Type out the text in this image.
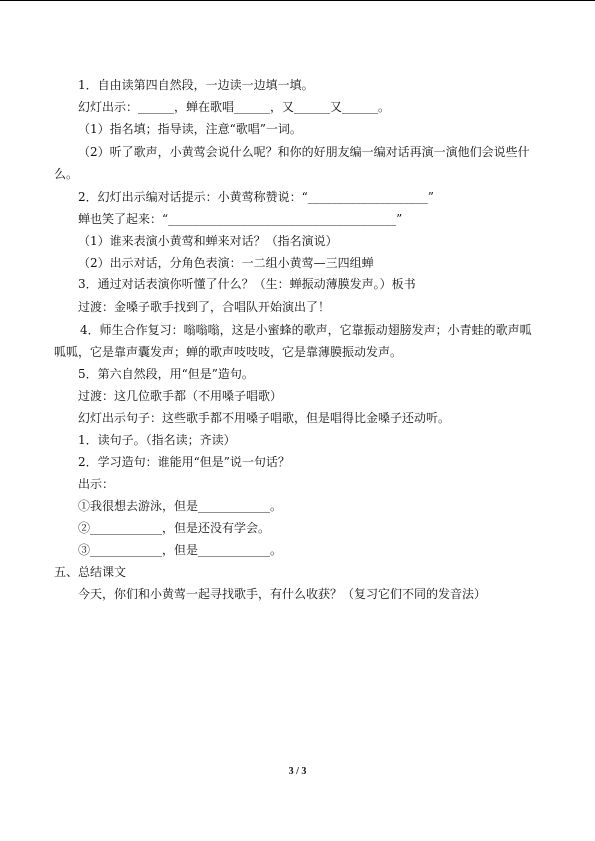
1．自由读第四自然段，一边读一边填一填。
幻灯出示：______，蝉在歌唱______，又______又______。
（1）指名填；指导读，注意“歌唱”一词。
（2）听了歌声，小黄莺会说什么呢？和你的好朋友编一编对话再演一演他们会说些什
么。
2．幻灯出示编对话提示：小黄莺称赞说：“____________________”
蝉也笑了起来：“______________________________________”
（1）谁来表演小黄莺和蝉来对话？（指名演说）
（2）出示对话，分角色表演：一二组小黄莺—三四组蝉
3．通过对话表演你听懂了什么？（生：蝉振动薄膜发声。）板书
过渡：金嗓子歌手找到了，合唱队开始演出了！
4．师生合作复习：嗡嗡嗡，这是小蜜蜂的歌声，它靠振动翅膀发声；小青蛙的歌声呱
呱呱，它是靠声囊发声；蝉的歌声吱吱吱，它是靠薄膜振动发声。
5．第六自然段，用“但是”造句。
过渡：这几位歌手都（不用嗓子唱歌）
幻灯出示句子：这些歌手都不用嗓子唱歌，但是唱得比金嗓子还动听。
1．读句子。（指名读；齐读）
2．学习造句：谁能用“但是”说一句话？
出示：
①我很想去游泳，但是____________。
②____________，但是还没有学会。
③____________，但是____________。
五、总结课文
今天，你们和小黄莺一起寻找歌手，有什么收获？（复习它们不同的发音法）
3 / 3
